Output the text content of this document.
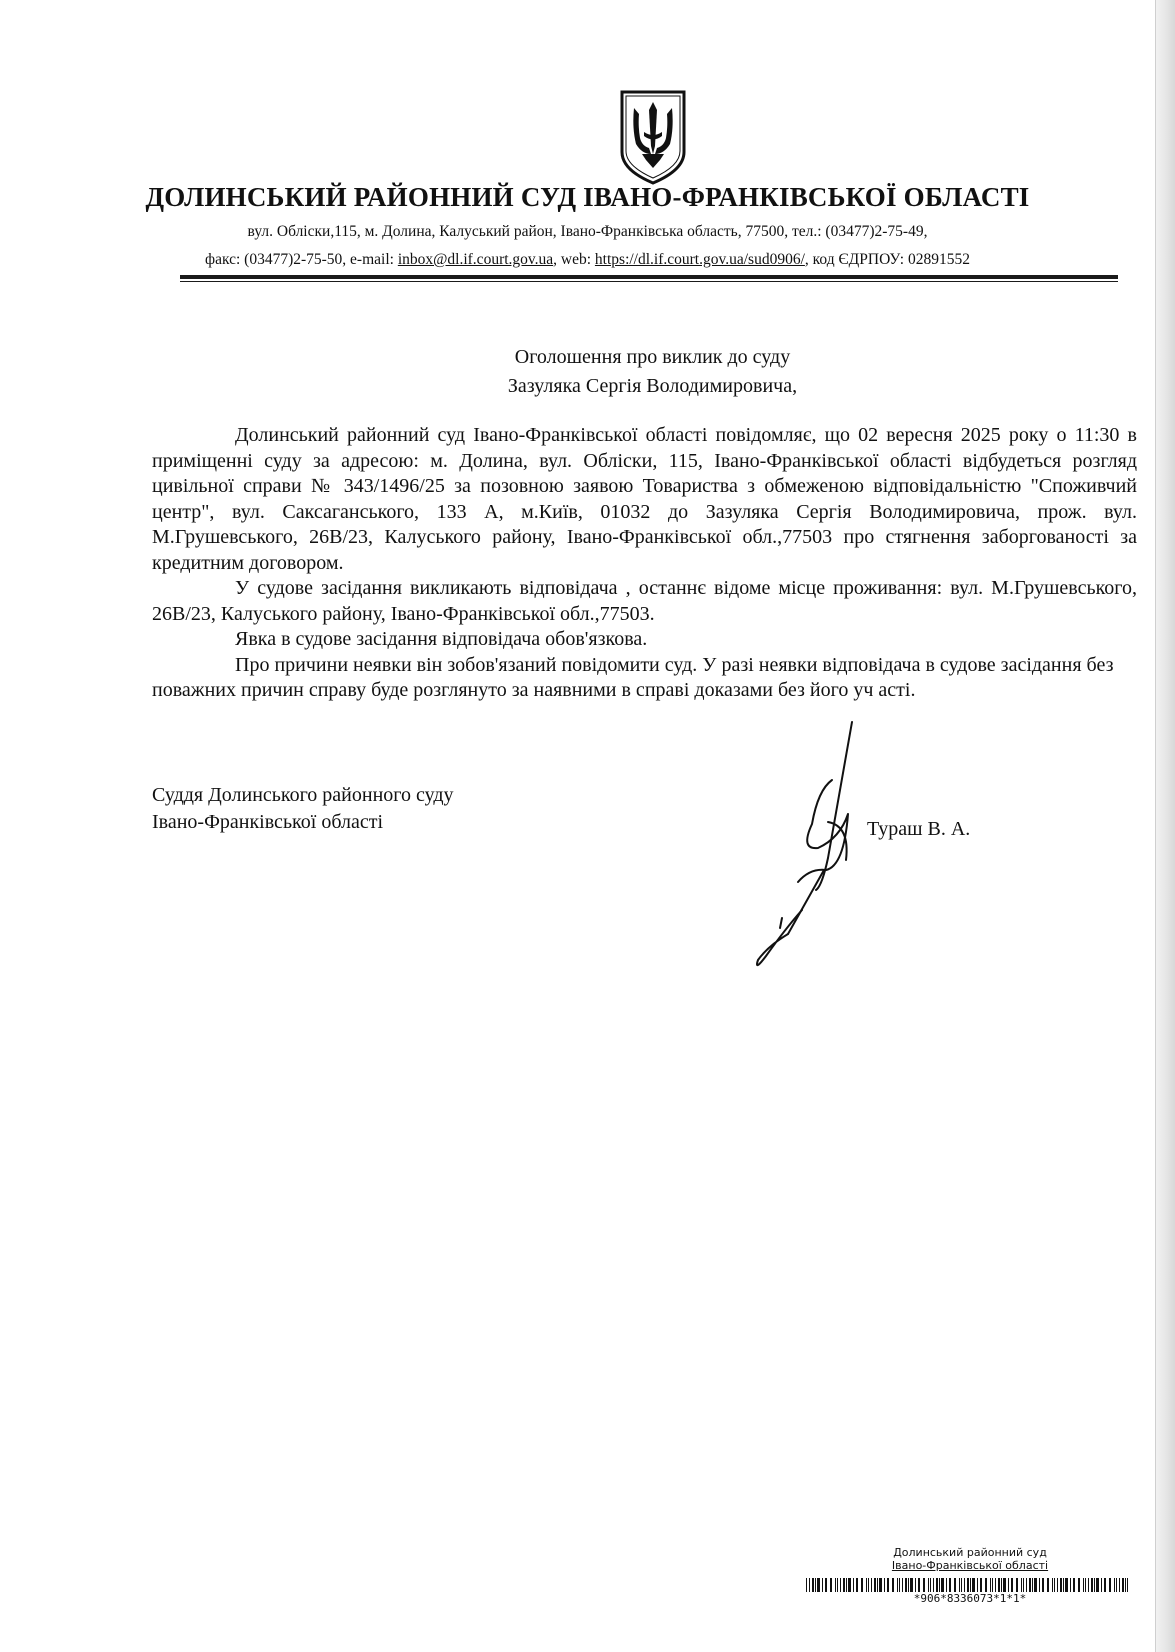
ДОЛИНСЬКИЙ РАЙОННИЙ СУД ІВАНО-ФРАНКІВСЬКОЇ ОБЛАСТІ
вул. Обліски,115, м. Долина, Калуський район, Івано-Франківська область, 77500, тел.: (03477)2-75-49,
факс: (03477)2-75-50, e-mail: inbox@dl.if.court.gov.ua, web: https://dl.if.court.gov.ua/sud0906/, код ЄДРПОУ: 02891552
Оголошення про виклик до суду
Зазуляка Сергія Володимировича,

Долинський районний суд Івано-Франківської області повідомляє, що 02 вересня 2025 року о 11:30 в приміщенні суду за адресою: м. Долина, вул. Обліски, 115, Івано-Франківської області відбудеться розгляд цивільної справи № 343/1496/25 за позовною заявою Товариства з обмеженою відповідальністю "Споживчий центр", вул. Саксаганського, 133 А, м.Київ, 01032 до Зазуляка Сергія Володимировича, прож. вул. М.Грушевського, 26В/23, Калуського району, Івано-Франківської обл.,77503 про стягнення заборгованості за кредитним договором.

У судове засідання викликають відповідача , останнє відоме місце проживання: вул. М.Грушевського, 26В/23, Калуського району, Івано-Франківської обл.,77503.

Явка в судове засідання відповідача обов'язкова.

Про причини неявки він зобов'язаний повідомити суд. У разі неявки відповідача в судове засідання без поважних причин справу буде розглянуто за наявними в справі доказами без його уч асті.

Суддя Долинського районного суду
Івано-Франківської області	Тураш В. А.
Долинський районний суд
Івано-Франківської області
*906*8336073*1*1*
